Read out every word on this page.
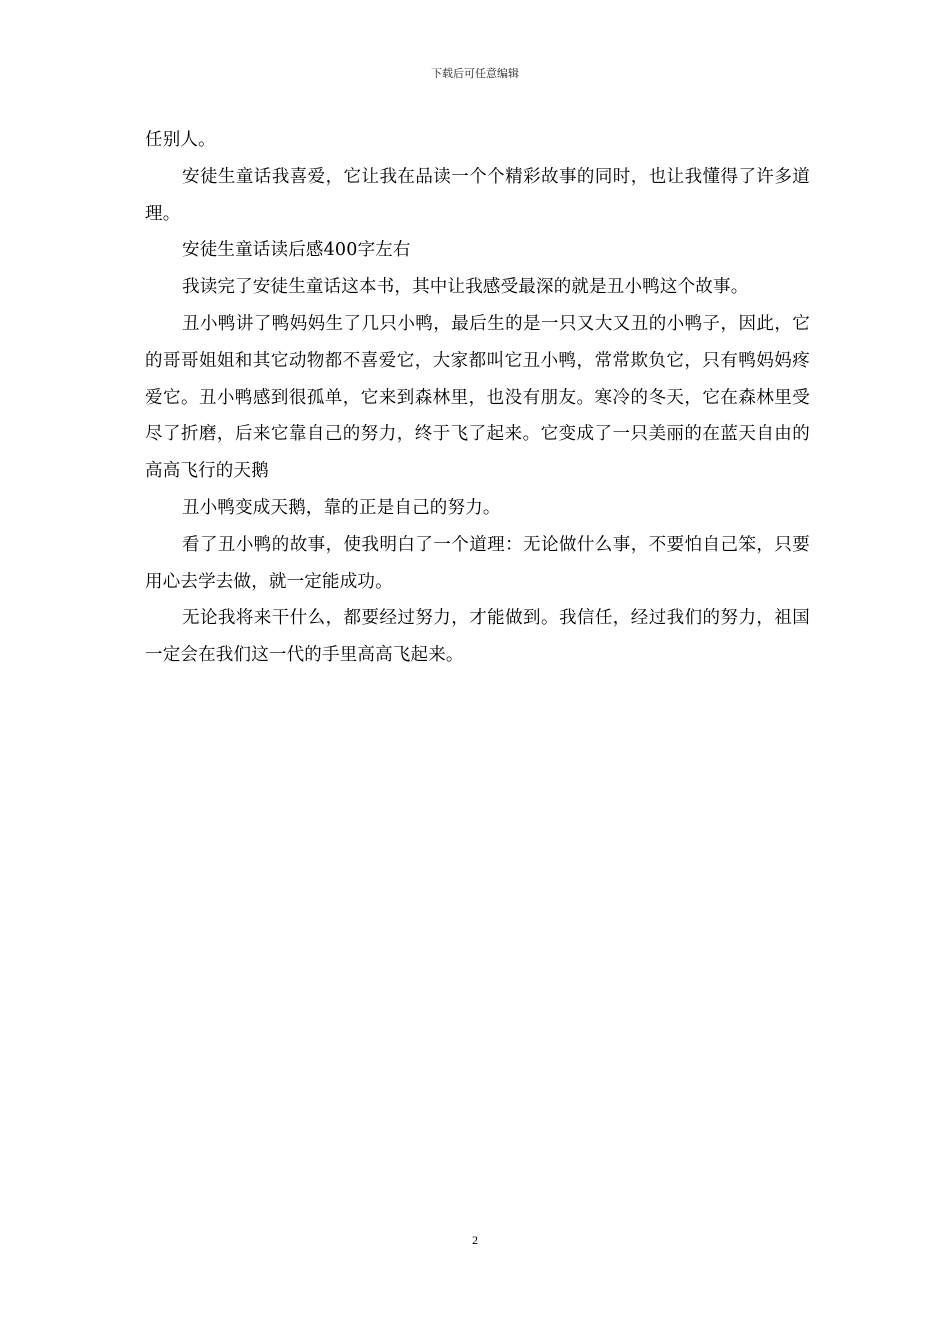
下载后可任意编辑

任别人。

安徒生童话我喜爱，它让我在品读一个个精彩故事的同时，也让我懂得了许多道理。

安徒生童话读后感400字左右

我读完了安徒生童话这本书，其中让我感受最深的就是丑小鸭这个故事。

丑小鸭讲了鸭妈妈生了几只小鸭，最后生的是一只又大又丑的小鸭子，因此，它的哥哥姐姐和其它动物都不喜爱它，大家都叫它丑小鸭，常常欺负它，只有鸭妈妈疼爱它。丑小鸭感到很孤单，它来到森林里，也没有朋友。寒冷的冬天，它在森林里受尽了折磨，后来它靠自己的努力，终于飞了起来。它变成了一只美丽的在蓝天自由的高高飞行的天鹅

丑小鸭变成天鹅，靠的正是自己的努力。

看了丑小鸭的故事，使我明白了一个道理：无论做什么事，不要怕自己笨，只要用心去学去做，就一定能成功。

无论我将来干什么，都要经过努力，才能做到。我信任，经过我们的努力，祖国一定会在我们这一代的手里高高飞起来。

2
